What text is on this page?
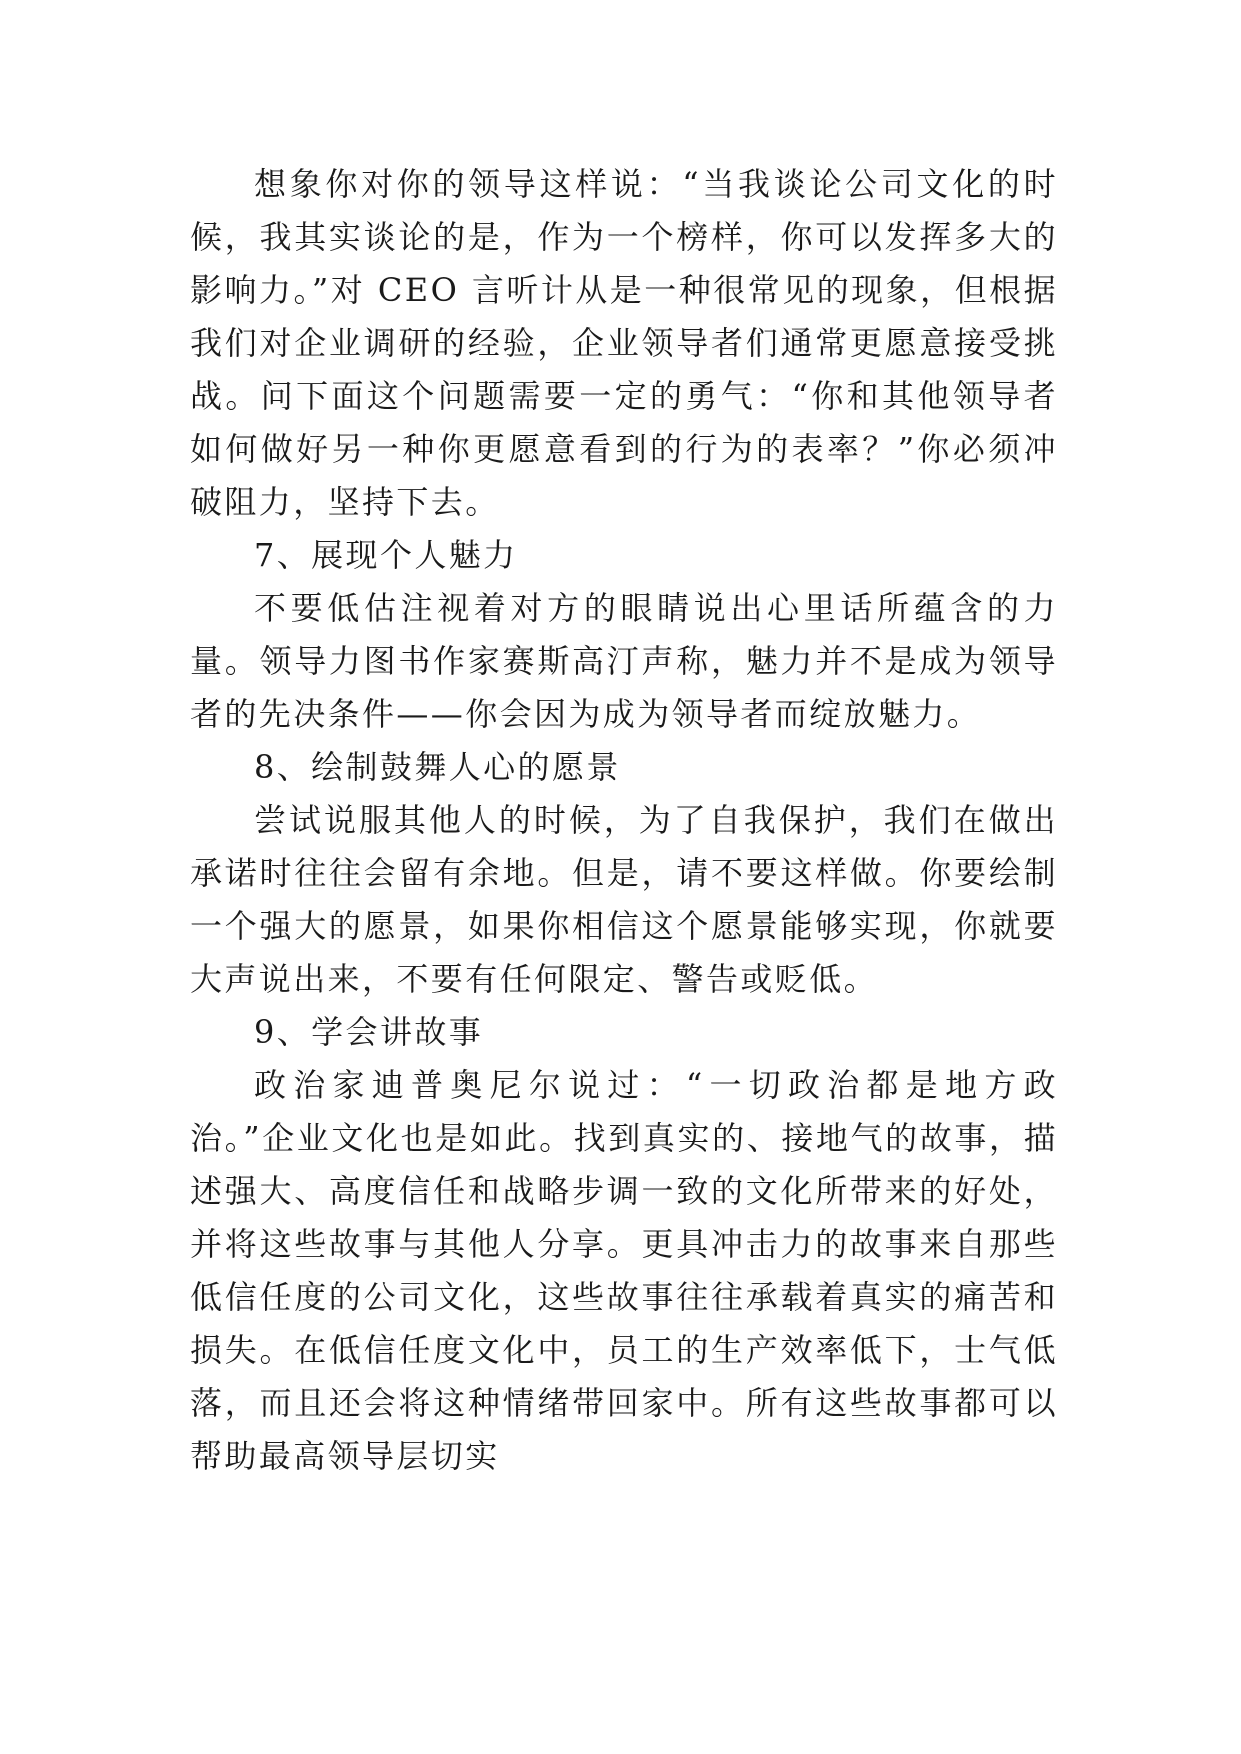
想象你对你的领导这样说：“当我谈论公司文化的时候，我其实谈论的是，作为一个榜样，你可以发挥多大的影响力。”对 CEO 言听计从是一种很常见的现象，但根据我们对企业调研的经验，企业领导者们通常更愿意接受挑战。问下面这个问题需要一定的勇气：“你和其他领导者如何做好另一种你更愿意看到的行为的表率？”你必须冲破阻力，坚持下去。

7、展现个人魅力

不要低估注视着对方的眼睛说出心里话所蕴含的力量。领导力图书作家赛斯高汀声称，魅力并不是成为领导者的先决条件——你会因为成为领导者而绽放魅力。

8、绘制鼓舞人心的愿景

尝试说服其他人的时候，为了自我保护，我们在做出承诺时往往会留有余地。但是，请不要这样做。你要绘制一个强大的愿景，如果你相信这个愿景能够实现，你就要大声说出来，不要有任何限定、警告或贬低。

9、学会讲故事

政治家迪普奥尼尔说过：“一切政治都是地方政治。”企业文化也是如此。找到真实的、接地气的故事，描述强大、高度信任和战略步调一致的文化所带来的好处，并将这些故事与其他人分享。更具冲击力的故事来自那些低信任度的公司文化，这些故事往往承载着真实的痛苦和损失。在低信任度文化中，员工的生产效率低下，士气低落，而且还会将这种情绪带回家中。所有这些故事都可以帮助最高领导层切实
